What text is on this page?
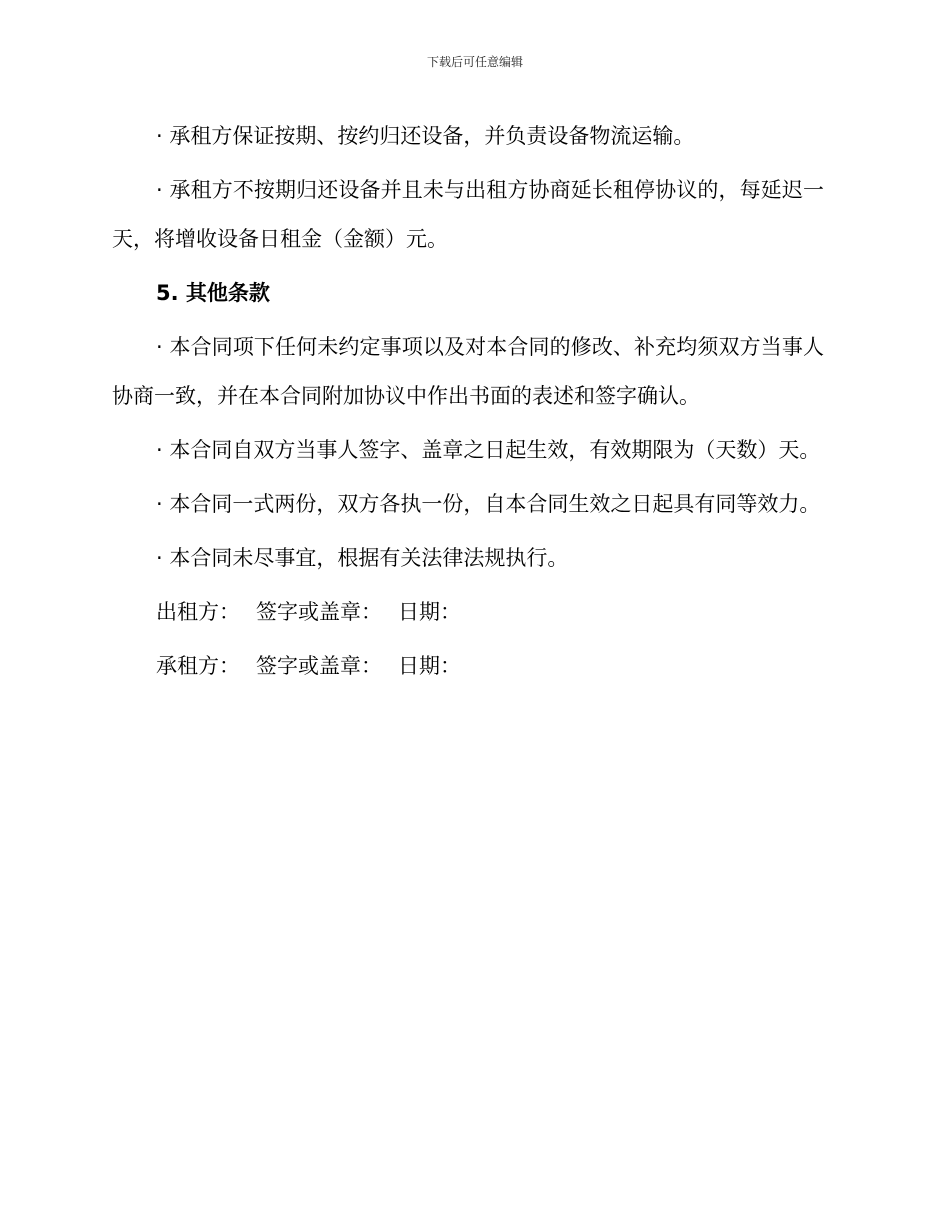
下载后可任意编辑

· 承租方保证按期、按约归还设备，并负责设备物流运输。

· 承租方不按期归还设备并且未与出租方协商延长租停协议的，每延迟一天，将增收设备日租金（金额）元。

5. 其他条款

· 本合同项下任何未约定事项以及对本合同的修改、补充均须双方当事人协商一致，并在本合同附加协议中作出书面的表述和签字确认。

· 本合同自双方当事人签字、盖章之日起生效，有效期限为（天数）天。

· 本合同一式两份，双方各执一份，自本合同生效之日起具有同等效力。

· 本合同未尽事宜，根据有关法律法规执行。

出租方： 签字或盖章： 日期：
承租方： 签字或盖章： 日期：
